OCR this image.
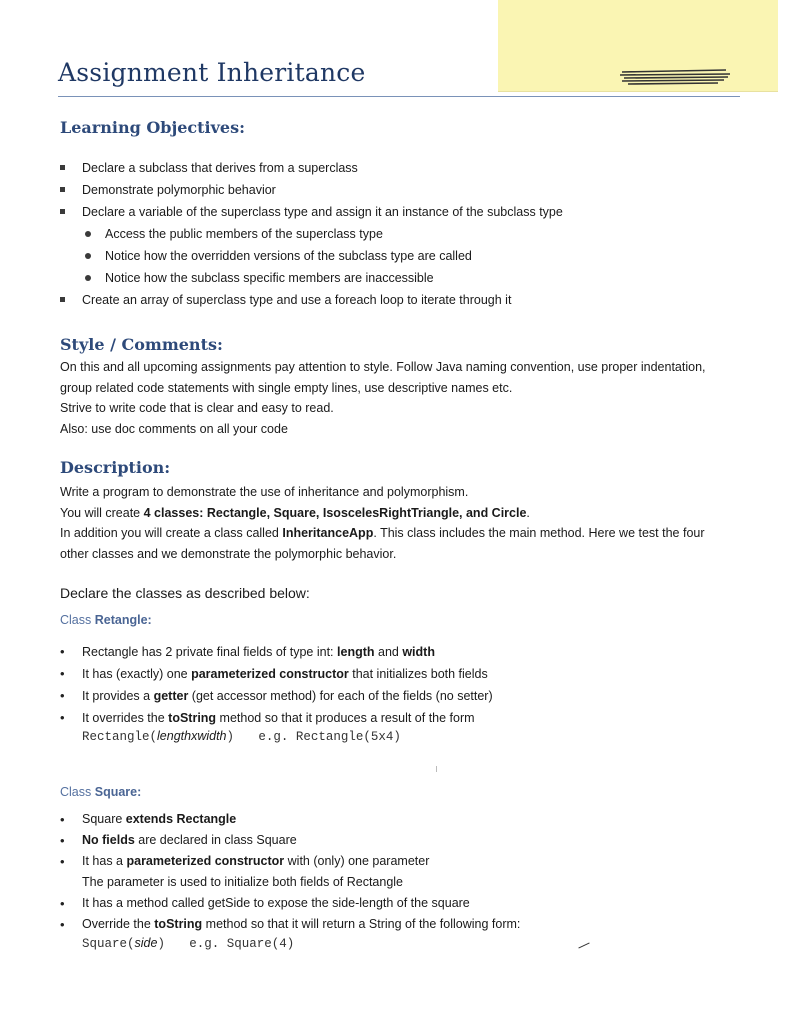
Assignment Inheritance
Learning Objectives:
Declare a subclass that derives from a superclass
Demonstrate polymorphic behavior
Declare a variable of the superclass type and assign it an instance of the subclass type
Access the public members of the superclass type
Notice how the overridden versions of the subclass type are called
Notice how the subclass specific members are inaccessible
Create an array of superclass type and use a foreach loop to iterate through it
Style / Comments:

On this and all upcoming assignments pay attention to style. Follow Java naming convention, use proper indentation,

group related code statements with single empty lines, use descriptive names etc.

Strive to write code that is clear and easy to read.

Also: use doc comments on all your code

Description:

Write a program to demonstrate the use of inheritance and polymorphism.

You will create 4 classes: Rectangle, Square, IsoscelesRightTriangle, and Circle.

In addition you will create a class called InheritanceApp. This class includes the main method. Here we test the four

other classes and we demonstrate the polymorphic behavior.

Declare the classes as described below:

Class Retangle:

• Rectangle has 2 private final fields of type int: length and width
• It has (exactly) one parameterized constructor that initializes both fields
• It provides a getter (get accessor method) for each of the fields (no setter)
• It overrides the toString method so that it produces a result of the form

Rectangle(lengthxwidth) e.g. Rectangle(5x4)

Class Square:

• Square extends Rectangle
• No fields are declared in class Square
• It has a parameterized constructor with (only) one parameter
The parameter is used to initialize both fields of Rectangle
• It has a method called getSide to expose the side-length of the square
• Override the toString method so that it will return a String of the following form:

Square(side) e.g. Square(4)
